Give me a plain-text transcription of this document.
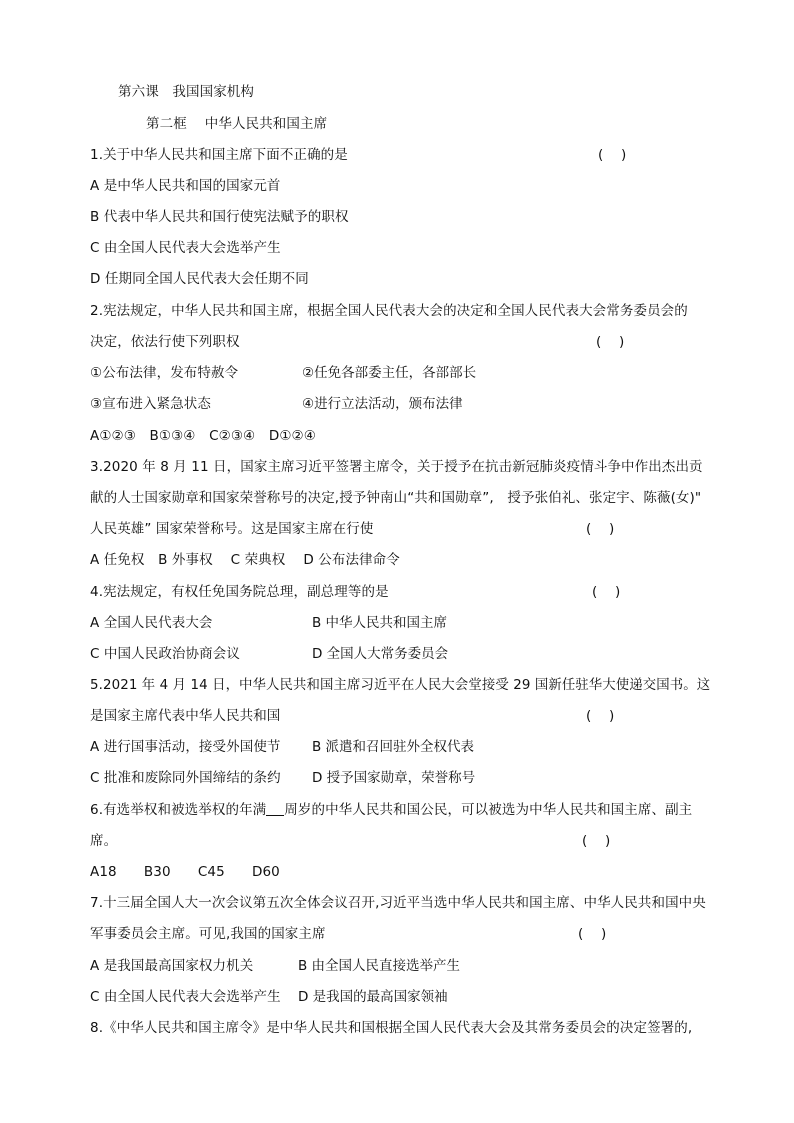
第六课　我国国家机构
第二框　 中华人民共和国主席
1.关于中华人民共和国主席下面不正确的是	(　 )
A 是中华人民共和国的国家元首
B 代表中华人民共和国行使宪法赋予的职权
C 由全国人民代表大会选举产生
D 任期同全国人民代表大会任期不同
2.宪法规定，中华人民共和国主席，根据全国人民代表大会的决定和全国人民代表大会常务委员会的
决定，依法行使下列职权	(　 )
①公布法律，发布特赦令	②任免各部委主任，各部部长
③宣布进入紧急状态	④进行立法活动，颁布法律
A①②③　B①③④　C②③④　D①②④
3.2020 年 8 月 11 日，国家主席习近平签署主席令，关于授予在抗击新冠肺炎疫情斗争中作出杰出贡
献的人士国家勋章和国家荣誉称号的决定,授予钟南山“共和国勋章”,　授予张伯礼、张定宇、陈薇(女)"
人民英雄” 国家荣誉称号。这是国家主席在行使	(　 )
A 任免权　B 外事权　 C 荣典权　 D 公布法律命令
4.宪法规定，有权任免国务院总理，副总理等的是	(　 )
A 全国人民代表大会	B 中华人民共和国主席
C 中国人民政治协商会议	D 全国人大常务委员会
5.2021 年 4 月 14 日，中华人民共和国主席习近平在人民大会堂接受 29 国新任驻华大使递交国书。这
是国家主席代表中华人民共和国	(　 )
A 进行国事活动，接受外国使节 B 派遣和召回驻外全权代表
C 批准和废除同外国缔结的条约 D 授予国家勋章，荣誉称号
6.有选举权和被选举权的年满 周岁的中华人民共和国公民，可以被选为中华人民共和国主席、副主
席。	(　 )
A18　　B30　　C45　　D60
7.十三届全国人大一次会议第五次全体会议召开,习近平当选中华人民共和国主席、中华人民共和国中央
军事委员会主席。可见,我国的国家主席	(　 )
A 是我国最高国家权力机关	B 由全国人民直接选举产生
C 由全国人民代表大会选举产生 D 是我国的最高国家领袖
8.《中华人民共和国主席令》是中华人民共和国根据全国人民代表大会及其常务委员会的决定签署的,
